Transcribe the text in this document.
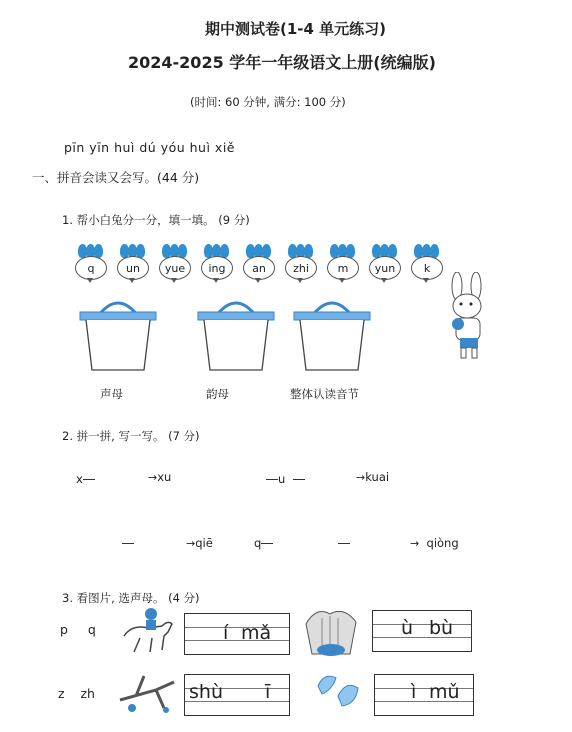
期中测试卷(1-4 单元练习)
2024-2025 学年一年级语文上册(统编版)
(时间: 60 分钟, 满分: 100 分)
pīn yīn huì dú yóu huì xiě
一、拼音会读又会写。(44 分)
1. 帮小白兔分一分，填一填。 (9 分)
q	un	yue	ing	an	zhi	m	yun	k
声母	韵母	整体认读音节
2. 拼一拼, 写一写。 (7 分)
x	→xu	u	→kuai
→qiē	q	→ qiòng
3. 看图片, 选声母。 (4 分)
p q
z zh
í mǎ	ù bù
shù ī	ì mǔ
